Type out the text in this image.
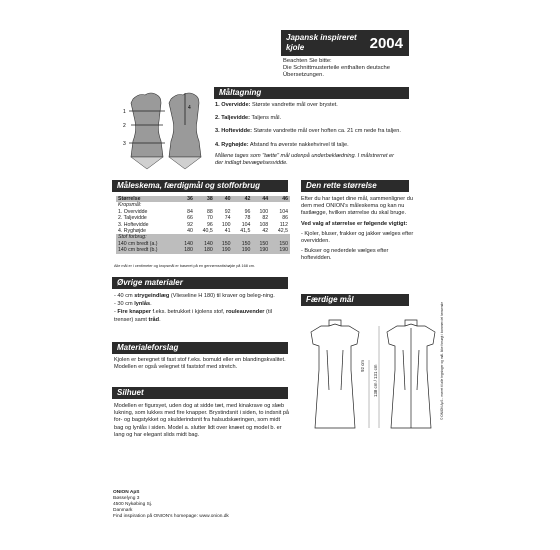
Japansk inspireret
kjole	2004

Beachten Sie bitte:

Die Schnittmusterteile enthalten deutsche

Übersetzungen.

Måltagning
1
2
3
4	1. Overvidde: Største vandrette mål over brystet.

2. Taljevidde: Taljens mål.

3. Hoftevidde: Største vandrette mål over hoften ca. 21 cm nede fra taljen.

4. Ryghøjde: Afstand fra øverste nakkehvirvel til talje.

Målene tages som "tætte" mål udenpå underbeklædning. I målstrerret er

der indlagt bevægelsesvidde.

Måleskema, færdigmål og stofforbrug
Størrelse	36	38	40	42	44	46
Kropsmål:						
1. Overvidde	84	88	92	96	100	104
2. Taljevidde	66	70	74	78	82	86
3. Hoftevidde	92	96	100	104	108	112
4. Ryghøjde	40	40,5	41	41,5	42	42,5
Stof forbrug:						
140 cm bredt (a.)	140	140	150	150	150	150
140 cm bredt (b.)	180	180	190	190	190	190
Alle mål er i centimeter og kropsmål er baseret på en gennemsnitshøjde på 168 cm.
Øvrige materialer
- 40 cm strygeindlæg (Vlieseline H 180) til kraver og beleg-ning.
- 30 cm lynlås.
- Fire knapper f.eks. betrukket i kjolens stof, rouleauvender (til trenser) samt tråd.
Materialeforslag
Kjolen er beregnet til fast stof f.eks. bomuld eller en blandingskvalitet. Modellen er også velegnet til faststof med stretch.
Silhuet
Modellen er figursyet, uden dog at sidde tæt, med kinakrave og slæb lukning, som lukkes med fire knapper. Brystindsnit i siden, to indsnit på for- og bagstykket og skulderindsnit fra halsudskæringen, som midt bag og lynlås i siden. Model a. slutter lidt over knæet og model b. er lang og har elegant slids midt bag.
Den rette størrelse

Efter du har taget dine mål, sammenligner du dem med ONION's måleskema og kan nu fastlægge, hvilken størrelse du skal bruge.

Ved valg af størrelse er følgende vigtigt:

- Kjoler, bluser, frakker og jakker vælges efter overvidden.

- Bukser og nederdele vælges efter hoftevidden.

Færdige mål
92 cm 138 cm / 131 cm

ONION ApS

Bøsselyng 3

4500 Nykøbing Sj.

Danmark

Find inspiration på ONION's homepage: www.onion.dk

© ONION ApS - eneret til alle tegninger og mål. Ikke forsøgt i kommerciel hensende
